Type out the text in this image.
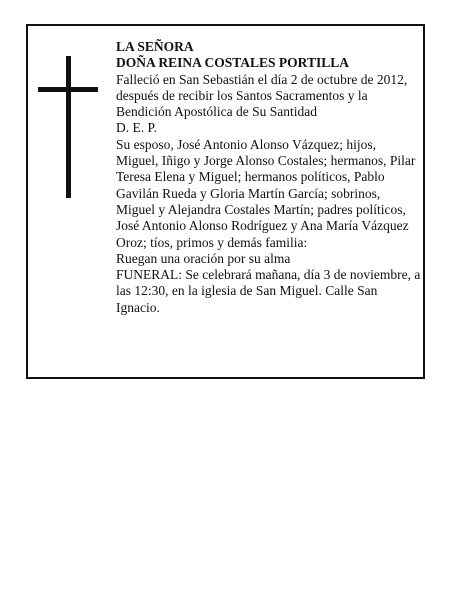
LA SEÑORA

DOÑA REINA COSTALES PORTILLA

Falleció en San Sebastián el día 2 de octubre de 2012, después de recibir los Santos Sacramentos y la Bendición Apostólica de Su Santidad

D. E. P.

Su esposo, José Antonio Alonso Vázquez; hijos, Miguel, Iñigo y Jorge Alonso Costales; hermanos, Pilar Teresa Elena y Miguel; hermanos políticos, Pablo Gavilán Rueda y Gloria Martín García; sobrinos, Miguel y Alejandra Costales Martín; padres políticos, José Antonio Alonso Rodríguez y Ana María Vázquez Oroz; tíos, primos y demás familia:

Ruegan una oración por su alma

FUNERAL: Se celebrará mañana, día 3 de noviembre, a las 12:30, en la iglesia de San Miguel. Calle San Ignacio.
